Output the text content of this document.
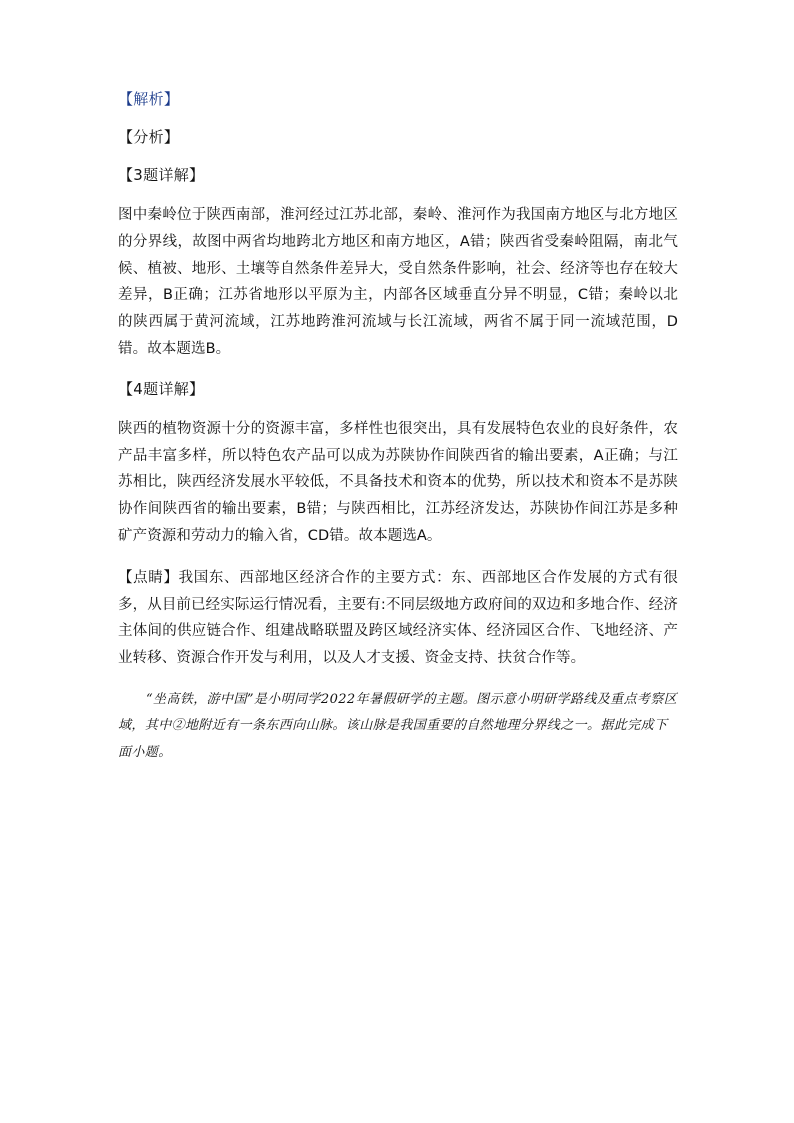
【解析】
【分析】
【3题详解】

图中秦岭位于陕西南部，淮河经过江苏北部，秦岭、淮河作为我国南方地区与北方地区的分界线，故图中两省均地跨北方地区和南方地区，A错；陕西省受秦岭阻隔，南北气候、植被、地形、土壤等自然条件差异大，受自然条件影响，社会、经济等也存在较大差异，B正确；江苏省地形以平原为主，内部各区域垂直分异不明显，C错；秦岭以北的陕西属于黄河流域，江苏地跨淮河流域与长江流域，两省不属于同一流域范围，D错。故本题选B。

【4题详解】

陕西的植物资源十分的资源丰富，多样性也很突出，具有发展特色农业的良好条件，农产品丰富多样，所以特色农产品可以成为苏陕协作间陕西省的输出要素，A正确；与江苏相比，陕西经济发展水平较低，不具备技术和资本的优势，所以技术和资本不是苏陕协作间陕西省的输出要素，B错；与陕西相比，江苏经济发达，苏陕协作间江苏是多种矿产资源和劳动力的输入省，CD错。故本题选A。

【点睛】我国东、西部地区经济合作的主要方式：东、西部地区合作发展的方式有很多，从目前已经实际运行情况看，主要有:不同层级地方政府间的双边和多地合作、经济主体间的供应链合作、组建战略联盟及跨区域经济实体、经济园区合作、飞地经济、产业转移、资源合作开发与利用，以及人才支援、资金支持、扶贫合作等。

“坐高铁，游中国”是小明同学2022年暑假研学的主题。图示意小明研学路线及重点考察区域，其中②地附近有一条东西向山脉。该山脉是我国重要的自然地理分界线之一。据此完成下面小题。
